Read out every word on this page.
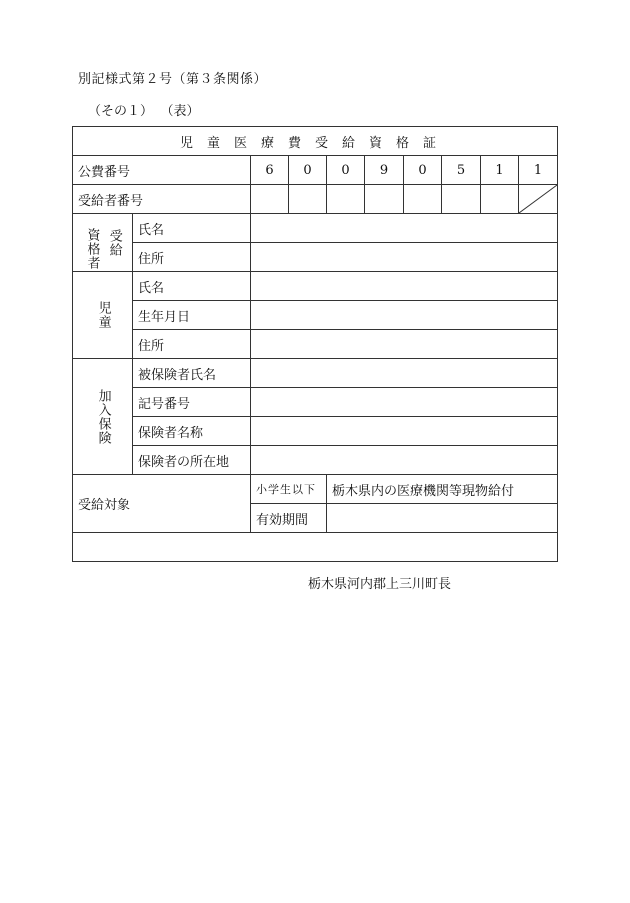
別記様式第２号（第３条関係）
（その１） （表）
児童医療費受給資格証									
公費番号		6	0	0	9	0	5	1	1
受給者番号								

資格者 受給	氏名								
	住所								

児童	氏名								
	生年月日								
	住所								

加入保険	被保険者氏名								
	記号番号								
	保険者名称								
	保険者の所在地								
受給対象		小学生以下		栃木県内の医療機関等現物給付					
		有効期間							

栃木県河内郡上三川町長									
